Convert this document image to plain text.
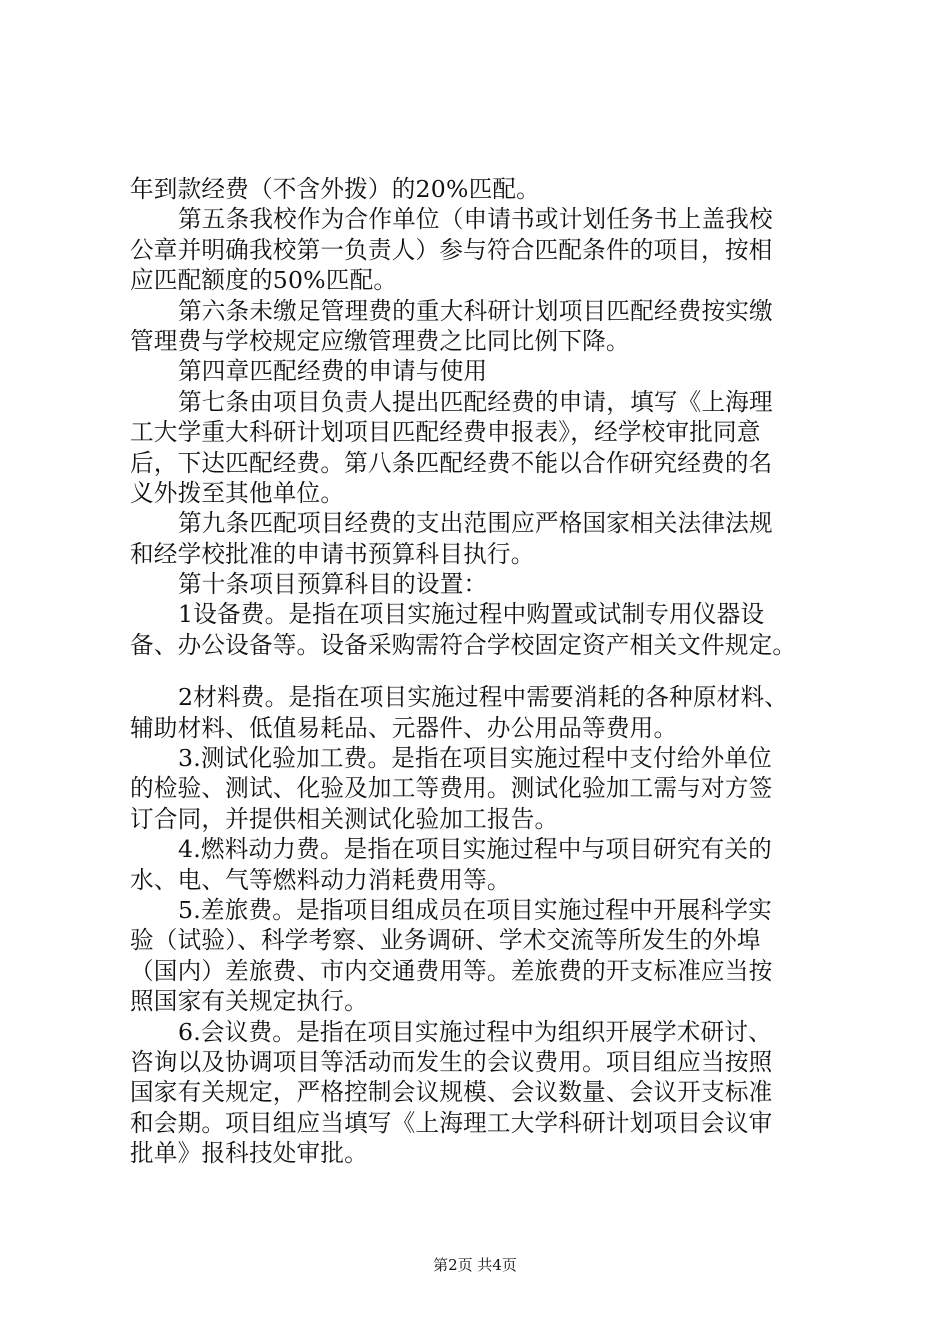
年到款经费（不含外拨）的20%匹配。
第五条我校作为合作单位（申请书或计划任务书上盖我校
公章并明确我校第一负责人）参与符合匹配条件的项目，按相
应匹配额度的50%匹配。
第六条未缴足管理费的重大科研计划项目匹配经费按实缴
管理费与学校规定应缴管理费之比同比例下降。
第四章匹配经费的申请与使用
第七条由项目负责人提出匹配经费的申请，填写《上海理
工大学重大科研计划项目匹配经费申报表》，经学校审批同意
后，下达匹配经费。第八条匹配经费不能以合作研究经费的名
义外拨至其他单位。
第九条匹配项目经费的支出范围应严格国家相关法律法规
和经学校批准的申请书预算科目执行。
第十条项目预算科目的设置：
1设备费。是指在项目实施过程中购置或试制专用仪器设
备、办公设备等。设备采购需符合学校固定资产相关文件规定。
2材料费。是指在项目实施过程中需要消耗的各种原材料、
辅助材料、低值易耗品、元器件、办公用品等费用。
3.测试化验加工费。是指在项目实施过程中支付给外单位
的检验、测试、化验及加工等费用。测试化验加工需与对方签
订合同，并提供相关测试化验加工报告。
4.燃料动力费。是指在项目实施过程中与项目研究有关的
水、电、气等燃料动力消耗费用等。
5.差旅费。是指项目组成员在项目实施过程中开展科学实
验（试验）、科学考察、业务调研、学术交流等所发生的外埠
（国内）差旅费、市内交通费用等。差旅费的开支标准应当按
照国家有关规定执行。
6.会议费。是指在项目实施过程中为组织开展学术研讨、
咨询以及协调项目等活动而发生的会议费用。项目组应当按照
国家有关规定，严格控制会议规模、会议数量、会议开支标准
和会期。项目组应当填写《上海理工大学科研计划项目会议审
批单》报科技处审批。
第2页 共4页
